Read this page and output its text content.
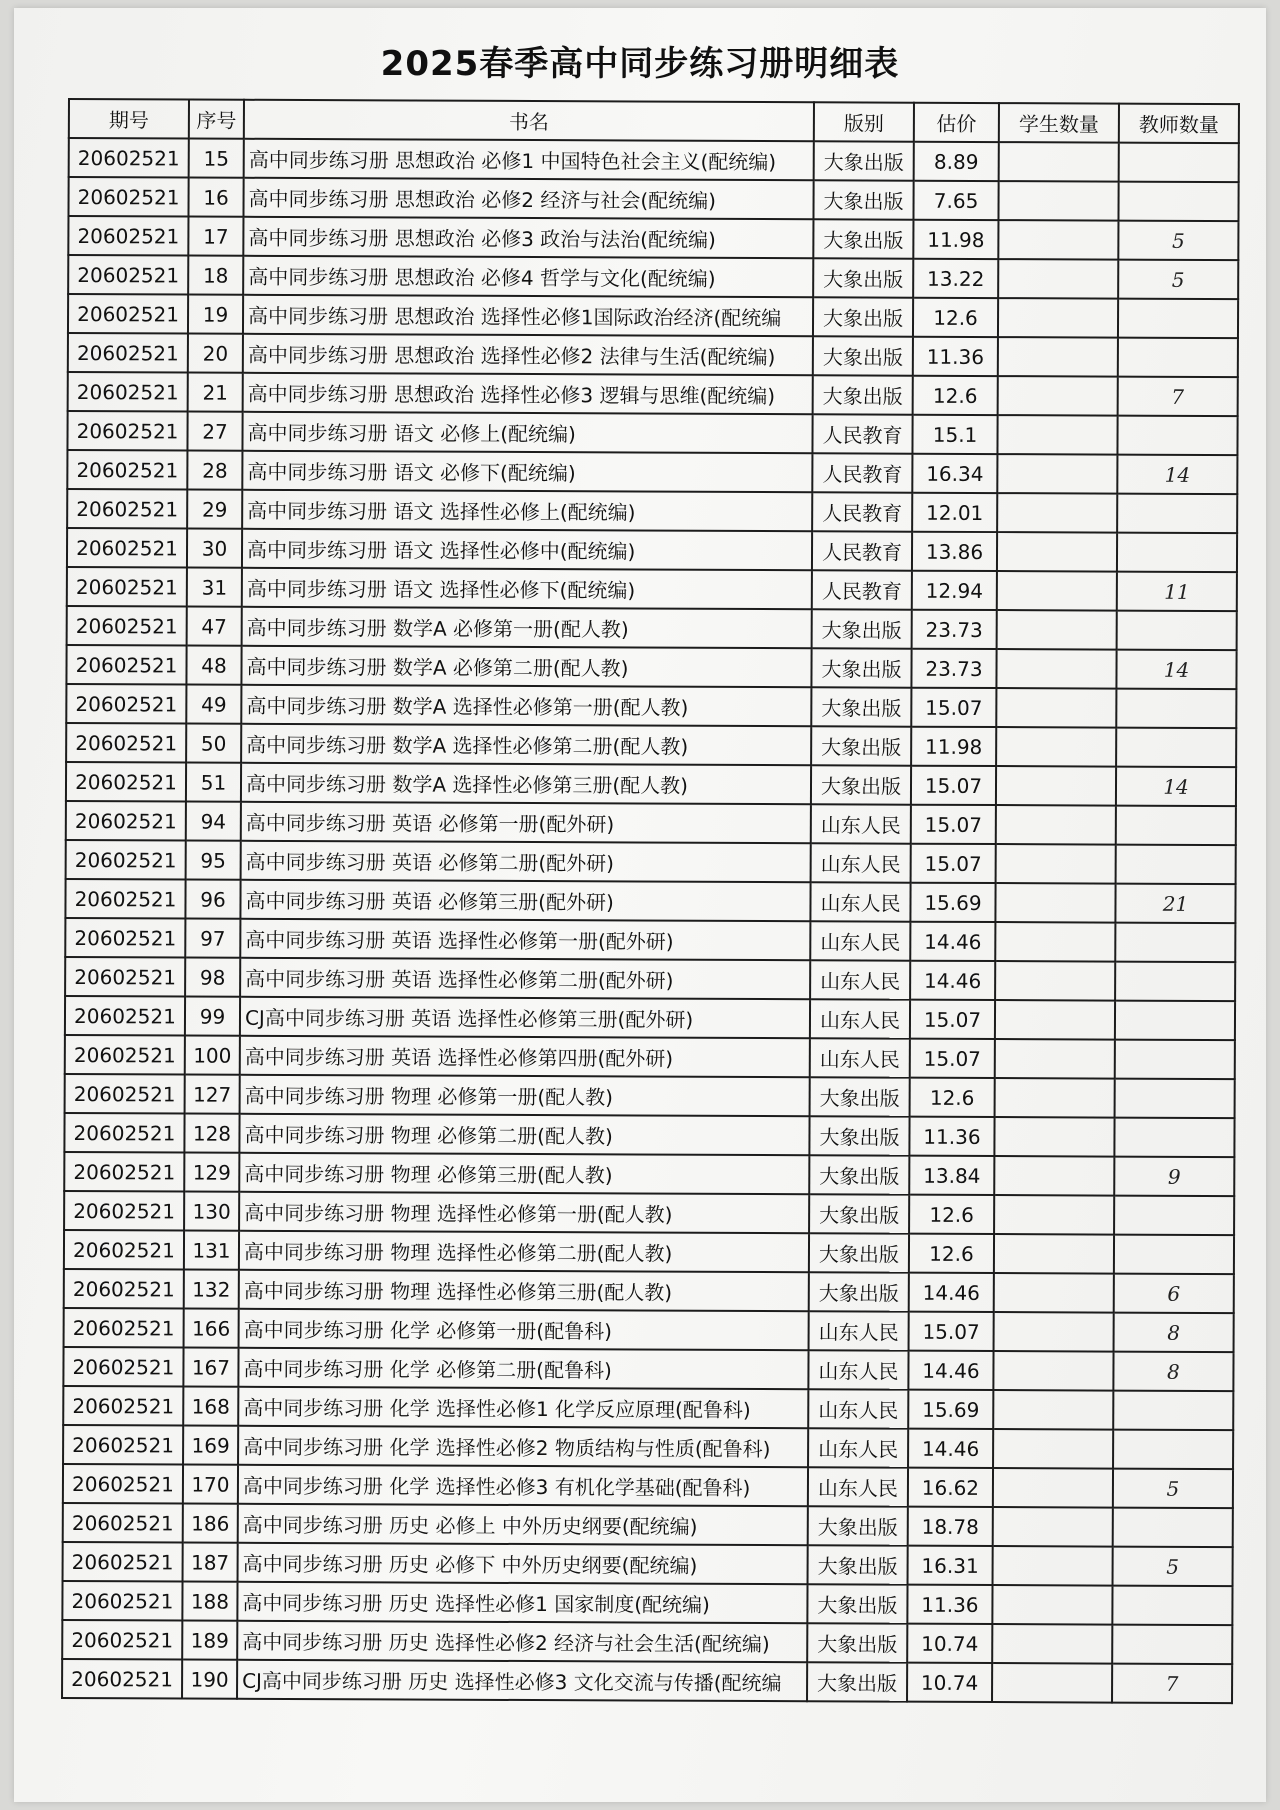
2025春季高中同步练习册明细表
期号	序号	书名	版别	估价	学生数量	教师数量
20602521	15	高中同步练习册 思想政治 必修1 中国特色社会主义(配统编)	大象出版	8.89		
20602521	16	高中同步练习册 思想政治 必修2 经济与社会(配统编)	大象出版	7.65		
20602521	17	高中同步练习册 思想政治 必修3 政治与法治(配统编)	大象出版	11.98		5
20602521	18	高中同步练习册 思想政治 必修4 哲学与文化(配统编)	大象出版	13.22		5
20602521	19	高中同步练习册 思想政治 选择性必修1国际政治经济(配统编	大象出版	12.6		
20602521	20	高中同步练习册 思想政治 选择性必修2 法律与生活(配统编)	大象出版	11.36		
20602521	21	高中同步练习册 思想政治 选择性必修3 逻辑与思维(配统编)	大象出版	12.6		7
20602521	27	高中同步练习册 语文 必修上(配统编)	人民教育	15.1		
20602521	28	高中同步练习册 语文 必修下(配统编)	人民教育	16.34		14
20602521	29	高中同步练习册 语文 选择性必修上(配统编)	人民教育	12.01		
20602521	30	高中同步练习册 语文 选择性必修中(配统编)	人民教育	13.86		
20602521	31	高中同步练习册 语文 选择性必修下(配统编)	人民教育	12.94		11
20602521	47	高中同步练习册 数学A 必修第一册(配人教)	大象出版	23.73		
20602521	48	高中同步练习册 数学A 必修第二册(配人教)	大象出版	23.73		14
20602521	49	高中同步练习册 数学A 选择性必修第一册(配人教)	大象出版	15.07		
20602521	50	高中同步练习册 数学A 选择性必修第二册(配人教)	大象出版	11.98		
20602521	51	高中同步练习册 数学A 选择性必修第三册(配人教)	大象出版	15.07		14
20602521	94	高中同步练习册 英语 必修第一册(配外研)	山东人民	15.07		
20602521	95	高中同步练习册 英语 必修第二册(配外研)	山东人民	15.07		
20602521	96	高中同步练习册 英语 必修第三册(配外研)	山东人民	15.69		21
20602521	97	高中同步练习册 英语 选择性必修第一册(配外研)	山东人民	14.46		
20602521	98	高中同步练习册 英语 选择性必修第二册(配外研)	山东人民	14.46		
20602521	99	CJ高中同步练习册 英语 选择性必修第三册(配外研)	山东人民	15.07		
20602521	100	高中同步练习册 英语 选择性必修第四册(配外研)	山东人民	15.07		
20602521	127	高中同步练习册 物理 必修第一册(配人教)	大象出版	12.6		
20602521	128	高中同步练习册 物理 必修第二册(配人教)	大象出版	11.36		
20602521	129	高中同步练习册 物理 必修第三册(配人教)	大象出版	13.84		9
20602521	130	高中同步练习册 物理 选择性必修第一册(配人教)	大象出版	12.6		
20602521	131	高中同步练习册 物理 选择性必修第二册(配人教)	大象出版	12.6		
20602521	132	高中同步练习册 物理 选择性必修第三册(配人教)	大象出版	14.46		6
20602521	166	高中同步练习册 化学 必修第一册(配鲁科)	山东人民	15.07		8
20602521	167	高中同步练习册 化学 必修第二册(配鲁科)	山东人民	14.46		8
20602521	168	高中同步练习册 化学 选择性必修1 化学反应原理(配鲁科)	山东人民	15.69		
20602521	169	高中同步练习册 化学 选择性必修2 物质结构与性质(配鲁科)	山东人民	14.46		
20602521	170	高中同步练习册 化学 选择性必修3 有机化学基础(配鲁科)	山东人民	16.62		5
20602521	186	高中同步练习册 历史 必修上 中外历史纲要(配统编)	大象出版	18.78		
20602521	187	高中同步练习册 历史 必修下 中外历史纲要(配统编)	大象出版	16.31		5
20602521	188	高中同步练习册 历史 选择性必修1 国家制度(配统编)	大象出版	11.36		
20602521	189	高中同步练习册 历史 选择性必修2 经济与社会生活(配统编)	大象出版	10.74		
20602521	190	CJ高中同步练习册 历史 选择性必修3 文化交流与传播(配统编	大象出版	10.74		7
